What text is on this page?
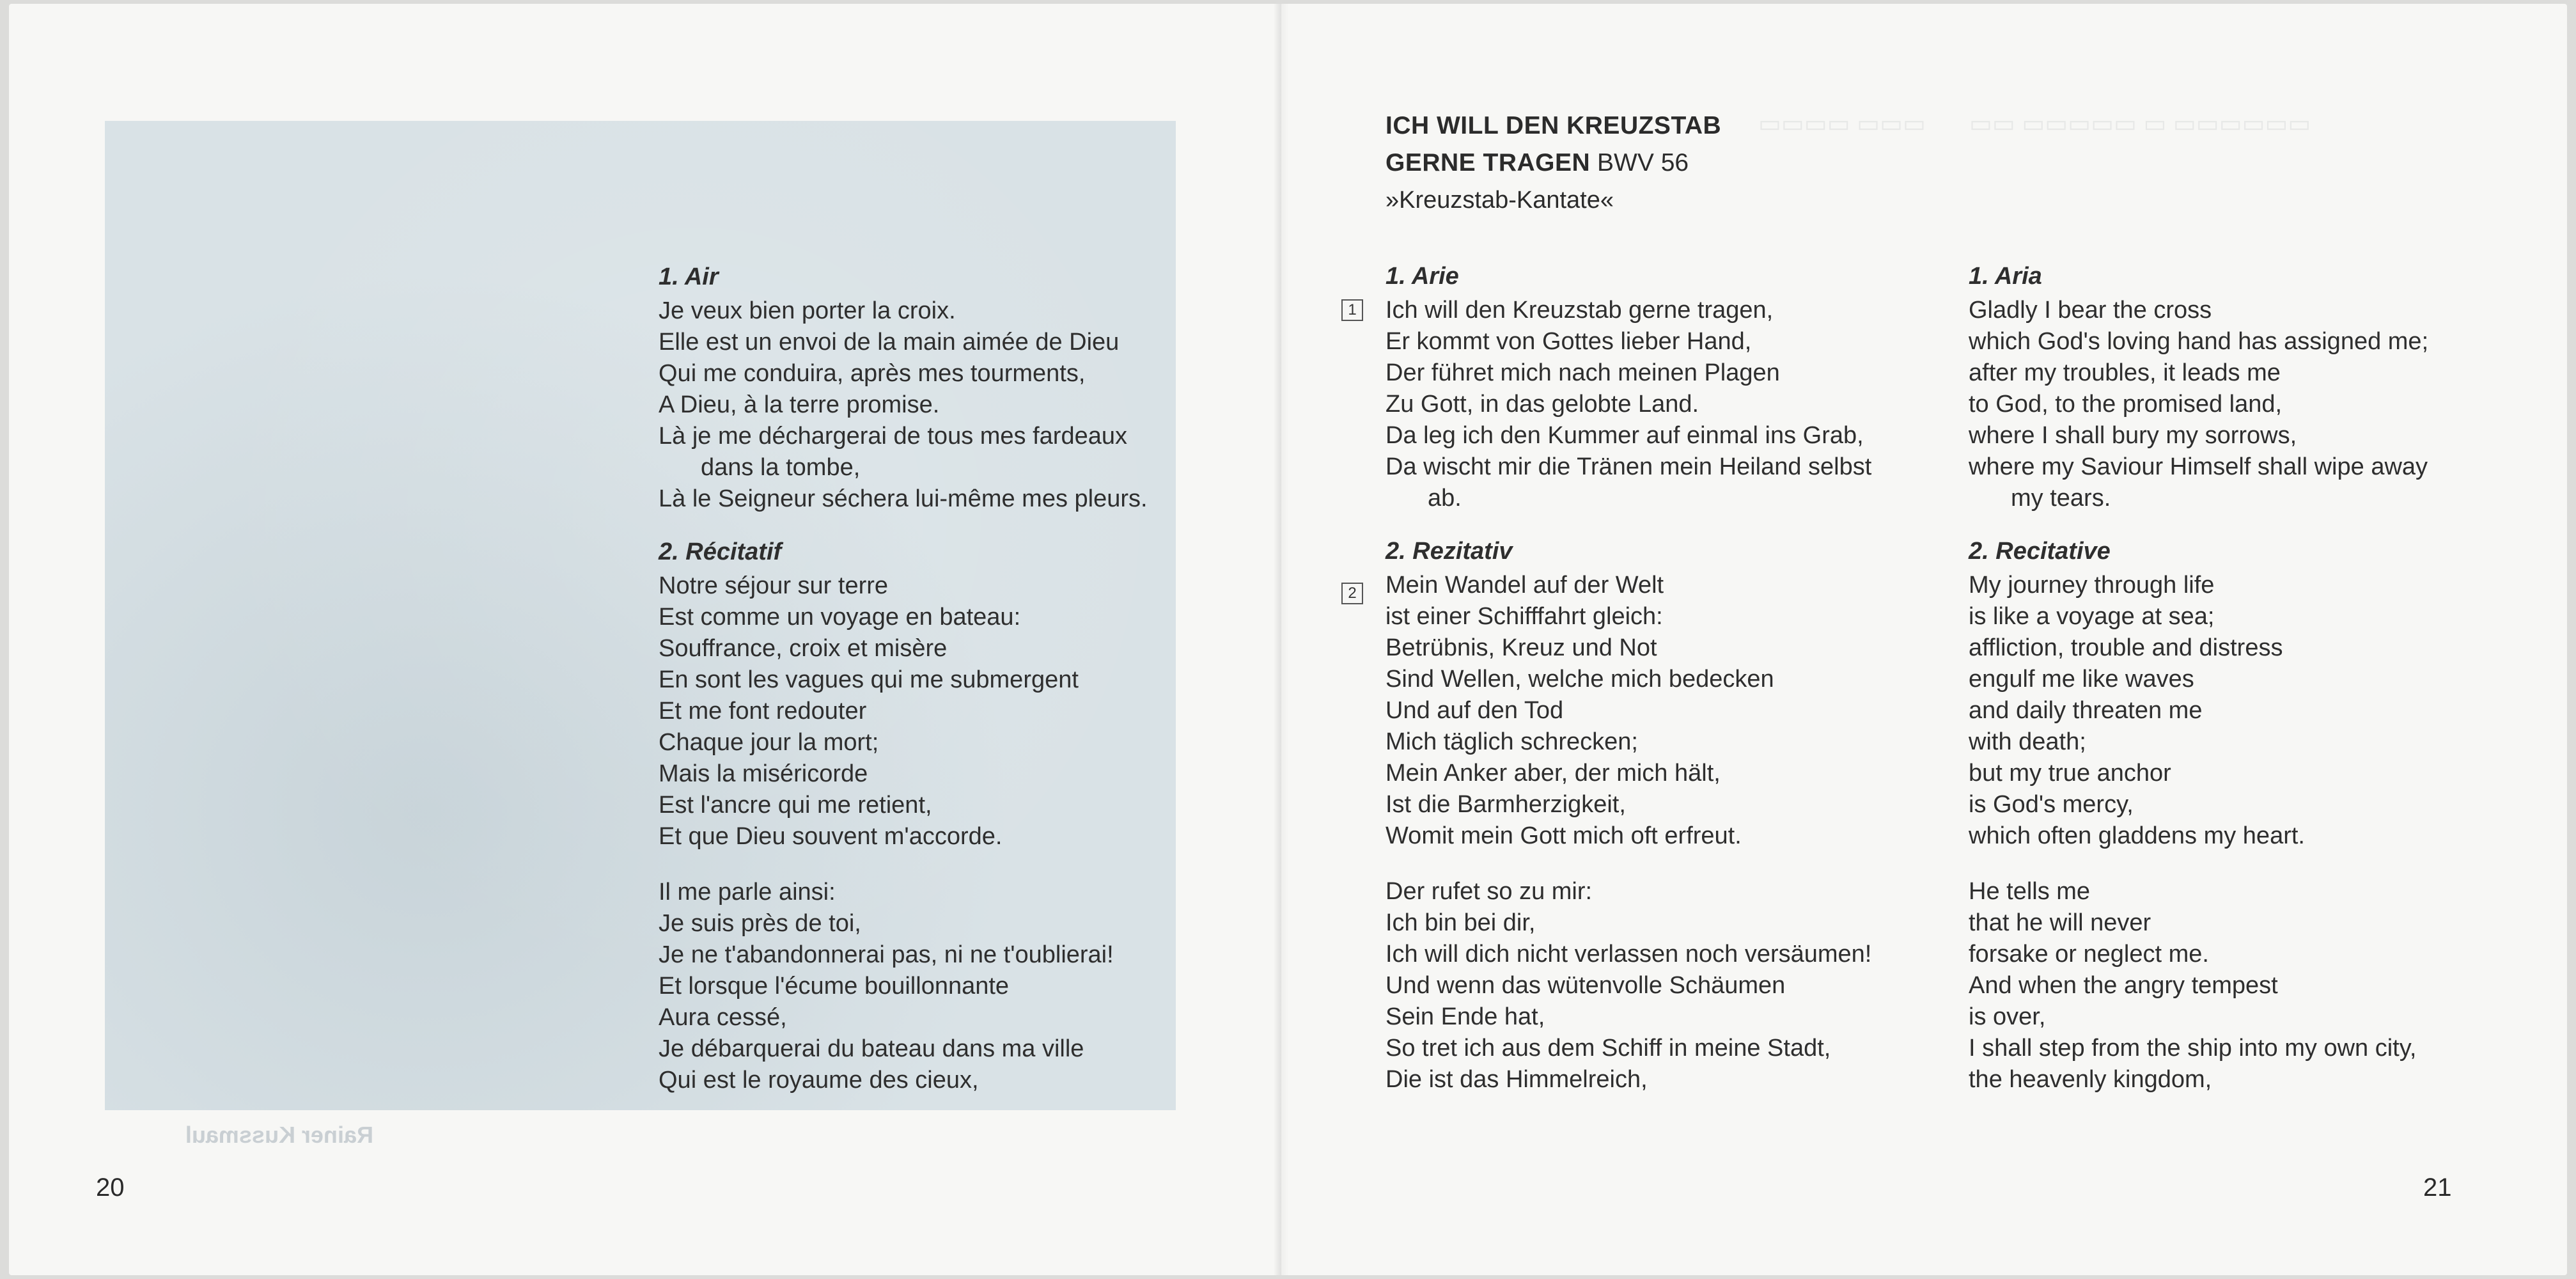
Rainer Kussmaul
▭▭▭▭ ▭▭▭ ▭▭ ▭▭▭▭▭ ▭ ▭▭▭▭▭▭
1. Air
Je veux bien porter la croix.
Elle est un envoi de la main aimée de Dieu
Qui me conduira, après mes tourments,
A Dieu, à la terre promise.
Là je me déchargerai de tous mes fardeaux
dans la tombe,
Là le Seigneur séchera lui-même mes pleurs.
2. Récitatif
Notre séjour sur terre
Est comme un voyage en bateau:
Souffrance, croix et misère
En sont les vagues qui me submergent
Et me font redouter
Chaque jour la mort;
Mais la miséricorde
Est l'ancre qui me retient,
Et que Dieu souvent m'accorde.
Il me parle ainsi:
Je suis près de toi,
Je ne t'abandonnerai pas, ni ne t'oublierai!
Et lorsque l'écume bouillonnante
Aura cessé,
Je débarquerai du bateau dans ma ville
Qui est le royaume des cieux,
ICH WILL DEN KREUZSTAB
GERNE TRAGEN BWV 56
»Kreuzstab-Kantate«
1
2
1. Arie
Ich will den Kreuzstab gerne tragen,
Er kommt von Gottes lieber Hand,
Der führet mich nach meinen Plagen
Zu Gott, in das gelobte Land.
Da leg ich den Kummer auf einmal ins Grab,
Da wischt mir die Tränen mein Heiland selbst
ab.
2. Rezitativ
Mein Wandel auf der Welt
ist einer Schifffahrt gleich:
Betrübnis, Kreuz und Not
Sind Wellen, welche mich bedecken
Und auf den Tod
Mich täglich schrecken;
Mein Anker aber, der mich hält,
Ist die Barmherzigkeit,
Womit mein Gott mich oft erfreut.
Der rufet so zu mir:
Ich bin bei dir,
Ich will dich nicht verlassen noch versäumen!
Und wenn das wütenvolle Schäumen
Sein Ende hat,
So tret ich aus dem Schiff in meine Stadt,
Die ist das Himmelreich,
1. Aria
Gladly I bear the cross
which God's loving hand has assigned me;
after my troubles, it leads me
to God, to the promised land,
where I shall bury my sorrows,
where my Saviour Himself shall wipe away
my tears.
2. Recitative
My journey through life
is like a voyage at sea;
affliction, trouble and distress
engulf me like waves
and daily threaten me
with death;
but my true anchor
is God's mercy,
which often gladdens my heart.
He tells me
that he will never
forsake or neglect me.
And when the angry tempest
is over,
I shall step from the ship into my own city,
the heavenly kingdom,
20	21
